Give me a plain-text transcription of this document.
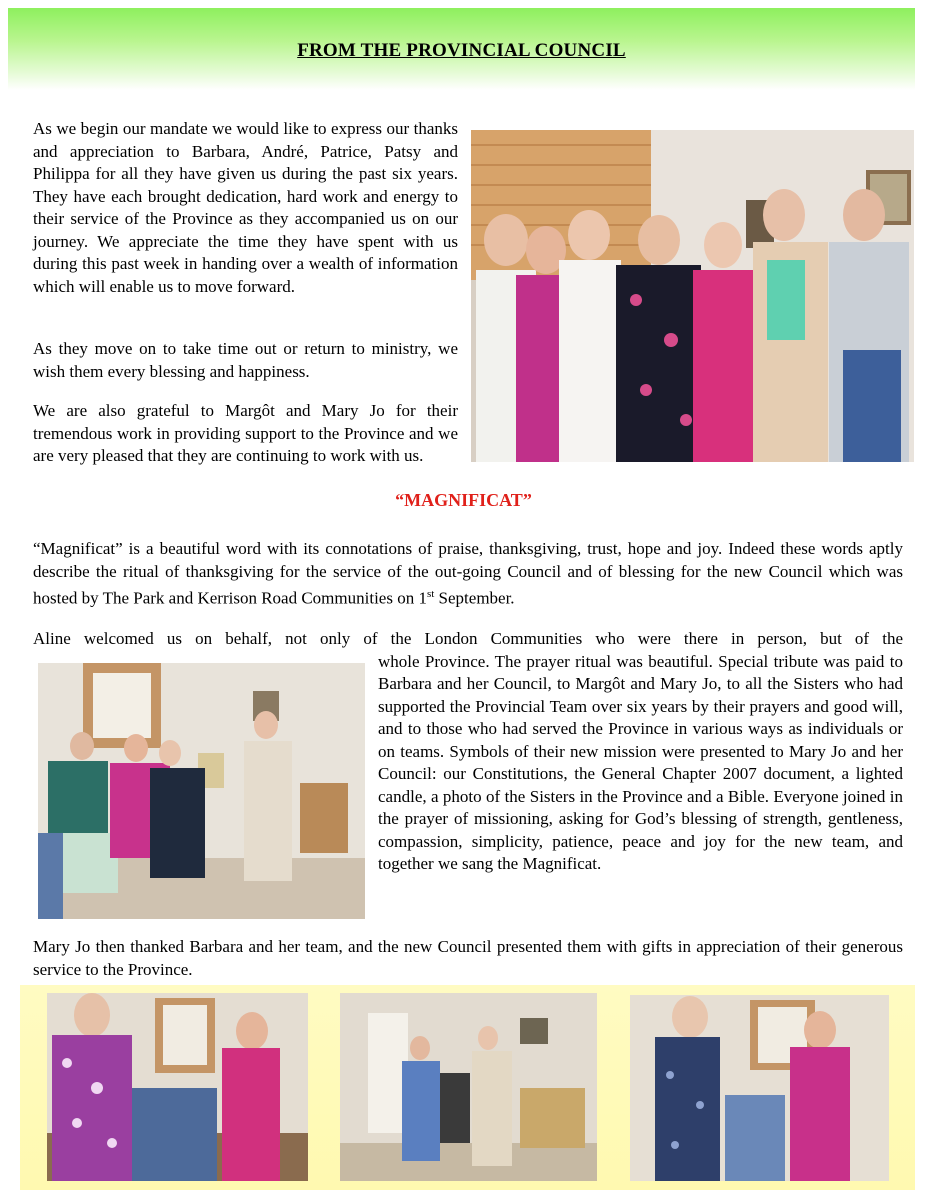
FROM THE PROVINCIAL COUNCIL

As we begin our mandate we would like to express our thanks and appreciation to Barbara, André, Patrice, Patsy and Philippa for all they have given us during the past six years. They have each brought dedication, hard work and energy to their service of the Province as they accompanied us on our journey. We appreciate the time they have spent with us during this past week in handing over a wealth of information which will enable us to move forward.

As they move on to take time out or return to ministry, we wish them every blessing and happiness.

We are also grateful to Margôt and Mary Jo for their tremendous work in providing support to the Province and we are very pleased that they are continuing to work with us.

“MAGNIFICAT”

“Magnificat” is a beautiful word with its connotations of praise, thanksgiving, trust, hope and joy. Indeed these words aptly describe the ritual of thanksgiving for the service of the out-going Council and of blessing for the new Council which was hosted by The Park and Kerrison Road Communities on 1st September.

Aline welcomed us on behalf, not only of the London Communities who were there in person, but of the

whole Province. The prayer ritual was beautiful. Special tribute was paid to Barbara and her Council, to Margôt and Mary Jo, to all the Sisters who had supported the Provincial Team over six years by their prayers and good will, and to those who had served the Province in various ways as individuals or on teams. Symbols of their new mission were presented to Mary Jo and her Council: our Constitutions, the General Chapter 2007 document, a lighted candle, a photo of the Sisters in the Province and a Bible. Everyone joined in the prayer of missioning, asking for God’s blessing of strength, gentleness, compassion, simplicity, patience, peace and joy for the new team, and together we sang the Magnificat.

Mary Jo then thanked Barbara and her team, and the new Council presented them with gifts in appreciation of their generous service to the Province.
